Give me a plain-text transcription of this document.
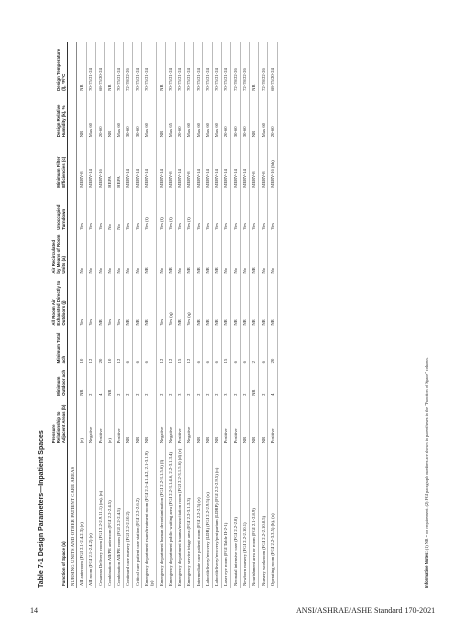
Table 7-1 Design Parameters—Inpatient Spaces	Function of Space (a)	Pressure Relationship to Adjacent Areas (b)	Minimum Outdoor ach	Minimum Total ach	All Room Air Exhausted Directly to Outdoors (j)	Air Recirculated by Means of Room Units (a)	Unoccupied Turndown	Minimum Filter Efficiencies (c)	Design Relative Humidity (k), %	Design Temperature (l), °F/°C
NURSING UNITS AND OTHER PATIENT CARE AREAS									
AII anteroom (FGI 2.1-2.4.2.3) (e)	(e)	NR	10	Yes	No	Yes	MERV-8	NR	NR
AII room (FGI 2.1-2.4.2) (e)	Negative	2	12	Yes	No	Yes	MERV-14	Max 60	70-75/21-24
Cesarean Delivery room (FGI 2.2-2.9.11.1) (m), (n)	Positive	4	20	NR	No	Yes	MERV-16	20-60	68-75/20-24
Combination AII/PE anteroom (FGI 2.2-2.4.5)	(e)	NR	10	Yes	No	No	HEPA	NR	NR
Combination AII/PE room (FGI 2.2-2.4.5)	Positive	2	12	Yes	No	No	HEPA	Max 60	70-75/21-24
Continued care nursery (FGI 2.2-2.10.2)	NR	2	6	NR	No	Yes	MERV-14	30-60	72-78/22-26
Critical care patient care station (FGI 2.2-2.6.2)	NR	2	6	NR	No	Yes	MERV-14	30-60	70-75/21-24
Emergency department exam/treatment room (FGI 2.1-4.1.4.2, 2.1-3.1.9) (p)	NR	2	6	NR	NR	Yes (f)	MERV-14	Max 60	70-75/21-24
Emergency department human decontamination (FGI 2.2-3.1.5.6) (l)	Negative	2	12	Yes	No	Yes (f)	MERV-14	NR	NR
Emergency department public waiting area (FGI 2.2-3.1.4.6, 2.2-3.1.3.4)	Negative	2	12	Yes (q)	NR	Yes (f)	MERV-8	Max 65	70-75/21-24
Emergency department trauma/resuscitation room (FGI 2.2-3.1.5.6) (d) (e)	Positive	3	15	NR	No	Yes	MERV-14	20-60	70-75/21-24
Emergency service triage area (FGI 2.2-3.1.3.3)	Negative	2	12	Yes (q)	NR	Yes (f)	MERV-8	Max 60	70-75/21-24
Intermediate care patient room (FGI 2.2-2.5) (e)	NR	2	6	NR	NR	Yes	MERV-14	Max 60	70-75/21-24
Labor/delivery/recovery (LDR) (FGI 2.2-2.9.5) (o)	NR	2	6	NR	NR	Yes	MERV-14	Max 60	70-75/21-24
Labor/delivery/recovery/postpartum (LDRP) (FGI 2.2-2.9.5) (o)	NR	2	6	NR	NR	Yes	MERV-14	Max 60	70-75/21-24
Laser eye room (FGI Table II-2-1)	Positive	3	15	NR	No	Yes	MERV-14	20-60	70-75/21-24
Neonatal intensive care (FGI 2.2-2.8)	Positive	2	6	NR	No	Yes	MERV-14	30-60	72-78/22-26
Newborn nursery (FGI 2.2-2.10.1)	NR	2	6	NR	No	Yes	MERV-14	30-60	72-78/22-26
Nourishment area or room (FGI 2.1-2.8.9)	NR	NR	2	NR	NR	Yes	MERV-8	NR	NR
Nursery workroom (FGI 2.2-2.10.8.5)	NR	2	6	NR	No	Yes	MERV-8	Max 60	72-78/22-26
Operating room (FGI 2.2-3.3.5) (h), (o)	Positive	4	20	NR	No	Yes	MERV-16 (hh)	20-60	68-75/20-24
Informative Notes: (1) NR = no requirement. (2) FGI paragraph numbers are shown in parentheses in the "Function of Space" column.
14	ANSI/ASHRAE/ASHE Standard 170-2021
